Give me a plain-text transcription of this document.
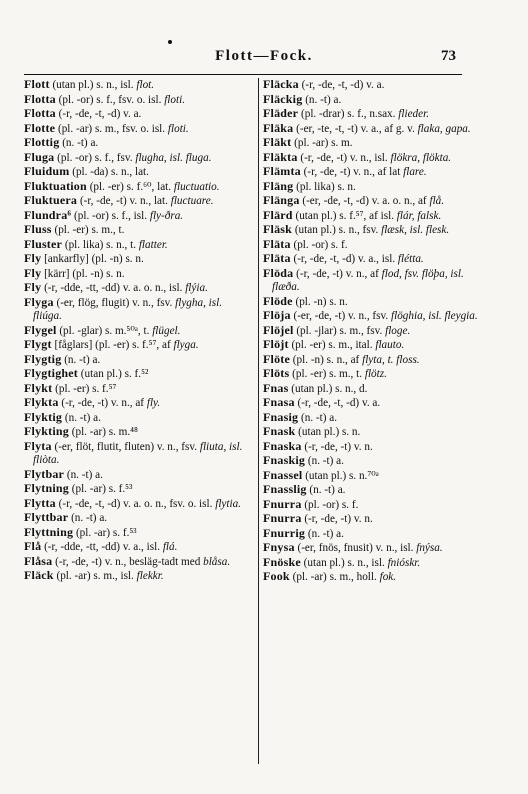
Flott—Fock.	73

Flott (utan pl.) s. n., isl. flot.

Flotta (pl. -or) s. f., fsv. o. isl. floti.

Flotta (-r, -de, -t, -d) v. a.

Flotte (pl. -ar) s. m., fsv. o. isl. floti.

Flottig (n. -t) a.

Fluga (pl. -or) s. f., fsv. flugha, isl. fluga.

Fluidum (pl. -da) s. n., lat.

Fluktuation (pl. -er) s. f.⁶⁰, lat. fluctuatio.

Fluktuera (-r, -de, -t) v. n., lat. fluctuare.

Flundra⁶ (pl. -or) s. f., isl. fly-ðra.

Fluss (pl. -er) s. m., t.

Fluster (pl. lika) s. n., t. flatter.

Fly [ankarfly] (pl. -n) s. n.

Fly [kärr] (pl. -n) s. n.

Fly (-r, -dde, -tt, -dd) v. a. o. n., isl. flýia.

Flyga (-er, flög, flugit) v. n., fsv. flygha, isl. fliúga.

Flygel (pl. -glar) s. m.⁵⁰ᵃ, t. flügel.

Flygt [fåglars] (pl. -er) s. f.⁵⁷, af flyga.

Flygtig (n. -t) a.

Flygtighet (utan pl.) s. f.⁵²

Flykt (pl. -er) s. f.⁵⁷

Flykta (-r, -de, -t) v. n., af fly.

Flyktig (n. -t) a.

Flykting (pl. -ar) s. m.⁴⁸

Flyta (-er, flöt, flutit, fluten) v. n., fsv. fliuta, isl. fliòta.

Flytbar (n. -t) a.

Flytning (pl. -ar) s. f.⁵³

Flytta (-r, -de, -t, -d) v. a. o. n., fsv. o. isl. flytia.

Flyttbar (n. -t) a.

Flyttning (pl. -ar) s. f.⁵³

Flå (-r, -dde, -tt, -dd) v. a., isl. flá.

Flåsa (-r, -de, -t) v. n., besläg-tadt med blåsa.

Fläck (pl. -ar) s. m., isl. flekkr.

Fläcka (-r, -de, -t, -d) v. a.

Fläckig (n. -t) a.

Fläder (pl. -drar) s. f., n.sax. flieder.

Fläka (-er, -te, -t, -t) v. a., af g. v. flaka, gapa.

Fläkt (pl. -ar) s. m.

Fläkta (-r, -de, -t) v. n., isl. flökra, flökta.

Flämta (-r, -de, -t) v. n., af lat flare.

Fläng (pl. lika) s. n.

Flänga (-er, -de, -t, -d) v. a. o. n., af flå.

Flärd (utan pl.) s. f.⁵⁷, af isl. flár, falsk.

Fläsk (utan pl.) s. n., fsv. flæsk, isl. flesk.

Fläta (pl. -or) s. f.

Fläta (-r, -de, -t, -d) v. a., isl. flétta.

Flöda (-r, -de, -t) v. n., af flod, fsv. flöþa, isl. flæða.

Flöde (pl. -n) s. n.

Flöja (-er, -de, -t) v. n., fsv. flöghia, isl. fleygia.

Flöjel (pl. -jlar) s. m., fsv. floge.

Flöjt (pl. -er) s. m., ital. flauto.

Flöte (pl. -n) s. n., af flyta, t. floss.

Flöts (pl. -er) s. m., t. flötz.

Fnas (utan pl.) s. n., d.

Fnasa (-r, -de, -t, -d) v. a.

Fnasig (n. -t) a.

Fnask (utan pl.) s. n.

Fnaska (-r, -de, -t) v. n.

Fnaskig (n. -t) a.

Fnassel (utan pl.) s. n.⁷⁰ᵃ

Fnasslig (n. -t) a.

Fnurra (pl. -or) s. f.

Fnurra (-r, -de, -t) v. n.

Fnurrig (n. -t) a.

Fnysa (-er, fnös, fnusit) v. n., isl. fnýsa.

Fnöske (utan pl.) s. n., isl. fnióskr.

Fook (pl. -ar) s. m., holl. fok.
